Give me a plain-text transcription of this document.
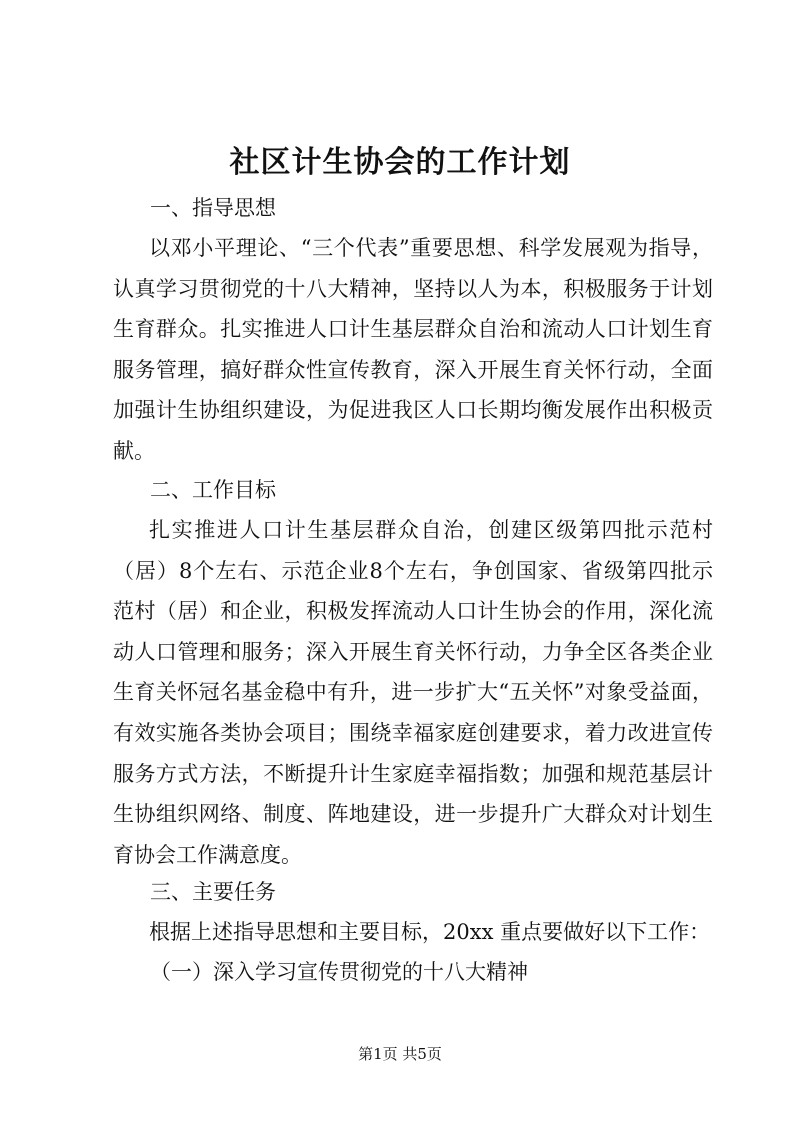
社区计生协会的工作计划

一、指导思想

以邓小平理论、“三个代表”重要思想、科学发展观为指导，
认真学习贯彻党的十八大精神，坚持以人为本，积极服务于计划
生育群众。扎实推进人口计生基层群众自治和流动人口计划生育
服务管理，搞好群众性宣传教育，深入开展生育关怀行动，全面
加强计生协组织建设，为促进我区人口长期均衡发展作出积极贡
献。

二、工作目标

扎实推进人口计生基层群众自治，创建区级第四批示范村
（居）8个左右、示范企业8个左右，争创国家、省级第四批示
范村（居）和企业，积极发挥流动人口计生协会的作用，深化流
动人口管理和服务；深入开展生育关怀行动，力争全区各类企业
生育关怀冠名基金稳中有升，进一步扩大“五关怀”对象受益面，
有效实施各类协会项目；围绕幸福家庭创建要求，着力改进宣传
服务方式方法，不断提升计生家庭幸福指数；加强和规范基层计
生协组织网络、制度、阵地建设，进一步提升广大群众对计划生
育协会工作满意度。

三、主要任务

根据上述指导思想和主要目标，20xx 重点要做好以下工作：

（一）深入学习宣传贯彻党的十八大精神

第1页 共5页
